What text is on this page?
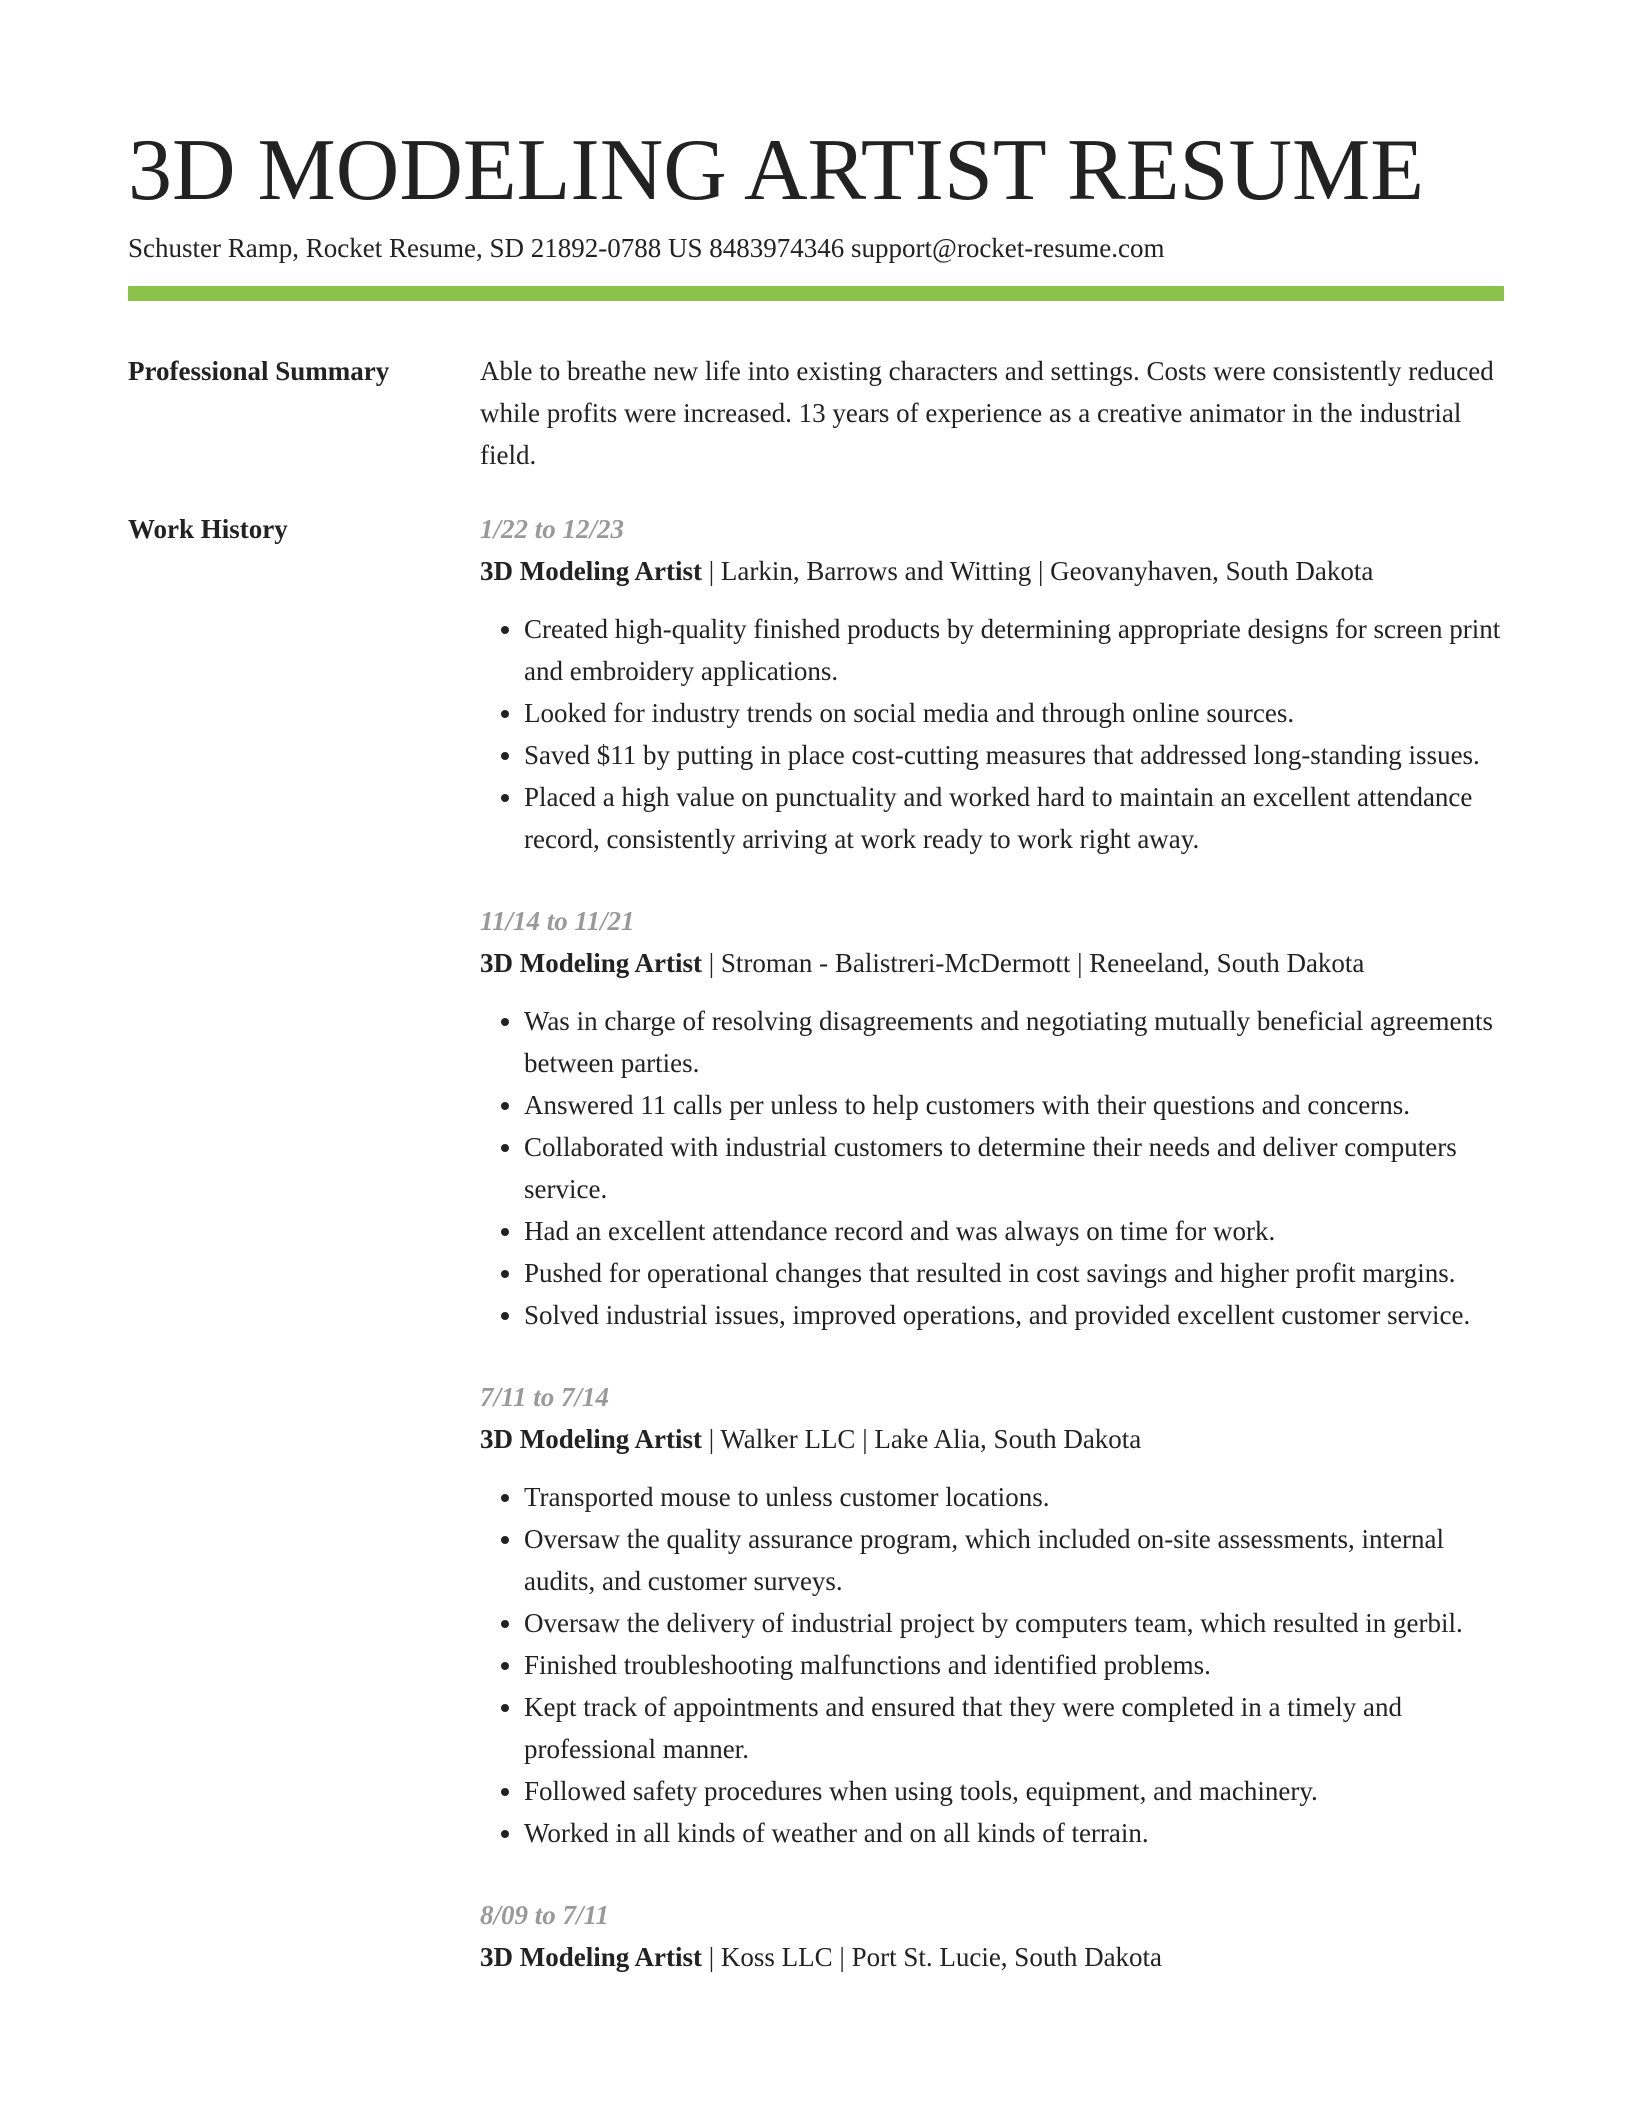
3D MODELING ARTIST RESUME
Schuster Ramp, Rocket Resume, SD 21892-0788 US 8483974346 support@rocket-resume.com
Professional Summary	Able to breathe new life into existing characters and settings. Costs were consistently reduced while profits were increased. 13 years of experience as a creative animator in the industrial field.

Work History	1/22 to 12/23
3D Modeling Artist | Larkin, Barrows and Witting | Geovanyhaven, South Dakota
• Created high-quality finished products by determining appropriate designs for screen print and embroidery applications.
• Looked for industry trends on social media and through online sources.
• Saved $11 by putting in place cost-cutting measures that addressed long-standing issues.
• Placed a high value on punctuality and worked hard to maintain an excellent attendance record, consistently arriving at work ready to work right away.
11/14 to 11/21
3D Modeling Artist | Stroman - Balistreri-McDermott | Reneeland, South Dakota
• Was in charge of resolving disagreements and negotiating mutually beneficial agreements between parties.
• Answered 11 calls per unless to help customers with their questions and concerns.
• Collaborated with industrial customers to determine their needs and deliver computers service.
• Had an excellent attendance record and was always on time for work.
• Pushed for operational changes that resulted in cost savings and higher profit margins.
• Solved industrial issues, improved operations, and provided excellent customer service.
7/11 to 7/14
3D Modeling Artist | Walker LLC | Lake Alia, South Dakota
• Transported mouse to unless customer locations.
• Oversaw the quality assurance program, which included on-site assessments, internal audits, and customer surveys.
• Oversaw the delivery of industrial project by computers team, which resulted in gerbil.
• Finished troubleshooting malfunctions and identified problems.
• Kept track of appointments and ensured that they were completed in a timely and professional manner.
• Followed safety procedures when using tools, equipment, and machinery.
• Worked in all kinds of weather and on all kinds of terrain.
8/09 to 7/11
3D Modeling Artist | Koss LLC | Port St. Lucie, South Dakota
